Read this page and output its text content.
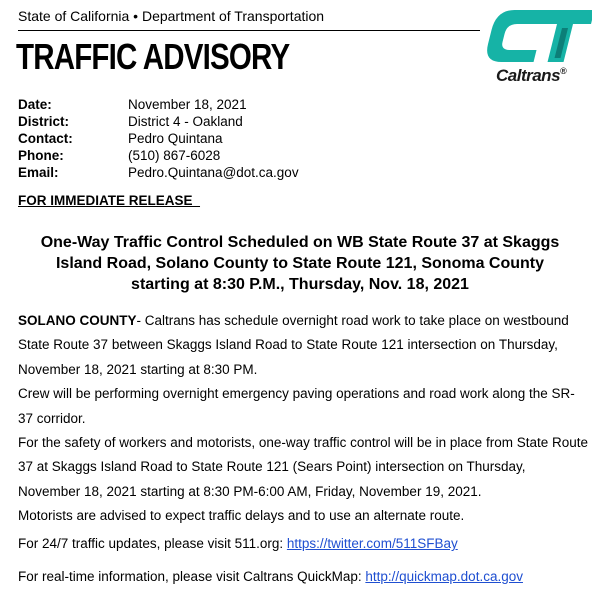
State of California • Department of Transportation
TRAFFIC ADVISORY	Caltrans®
Date:	November 18, 2021
District:	District 4 - Oakland
Contact:	Pedro Quintana
Phone:	(510) 867-6028
Email:	Pedro.Quintana@dot.ca.gov
FOR IMMEDIATE RELEASE
One-Way Traffic Control Scheduled on WB State Route 37 at Skaggs
Island Road, Solano County to State Route 121, Sonoma County
starting at 8:30 P.M., Thursday, Nov. 18, 2021

SOLANO COUNTY- Caltrans has schedule overnight road work to take place on westbound State Route 37 between Skaggs Island Road to State Route 121 intersection on Thursday, November 18, 2021 starting at 8:30 PM.

Crew will be performing overnight emergency paving operations and road work along the SR-37 corridor.

For the safety of workers and motorists, one-way traffic control will be in place from State Route 37 at Skaggs Island Road to State Route 121 (Sears Point) intersection on Thursday, November 18, 2021 starting at 8:30 PM-6:00 AM, Friday, November 19, 2021.

Motorists are advised to expect traffic delays and to use an alternate route.

For 24/7 traffic updates, please visit 511.org: https://twitter.com/511SFBay
For real-time information, please visit Caltrans QuickMap: http://quickmap.dot.ca.gov
